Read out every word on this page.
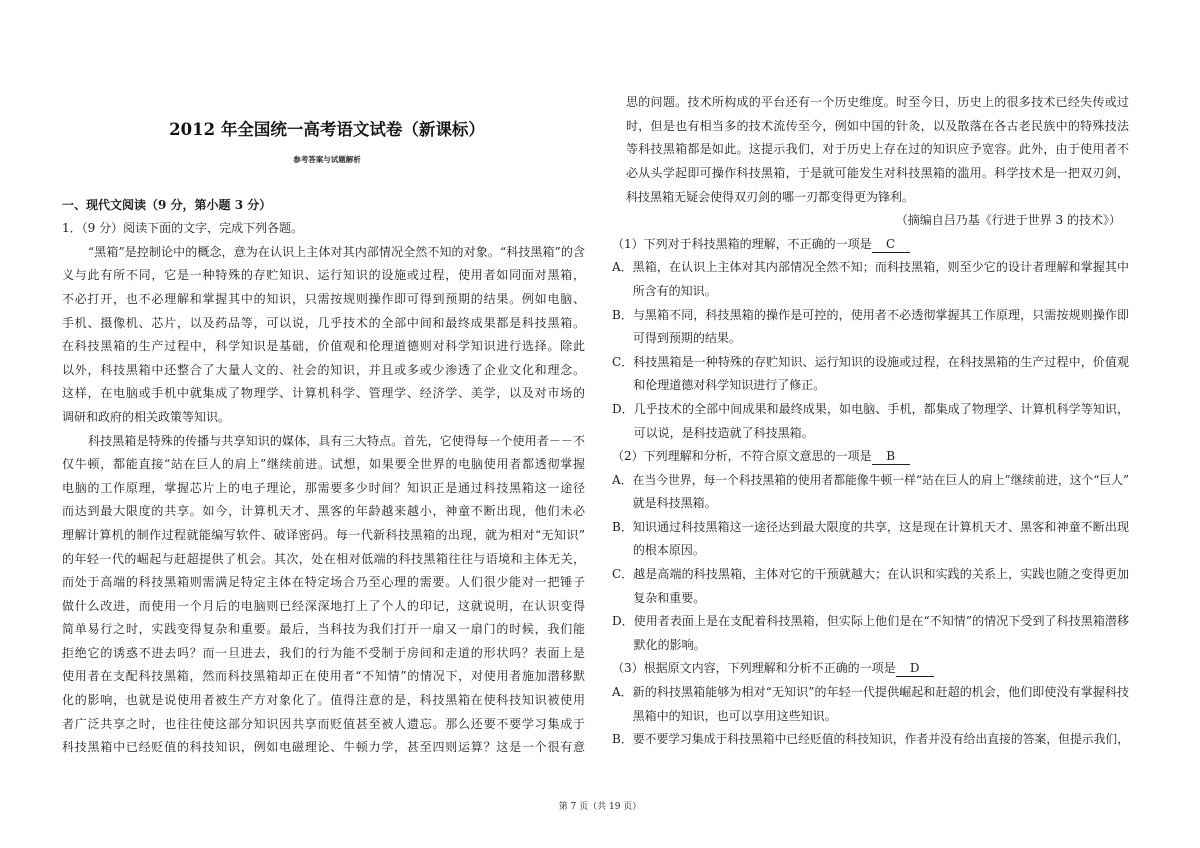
2012 年全国统一高考语文试卷（新课标）
参考答案与试题解析
一、现代文阅读（9 分，第小题 3 分）
1．（9 分）阅读下面的文字，完成下列各题。
“黑箱”是控制论中的概念，意为在认识上主体对其内部情况全然不知的对象。“科技黑箱”的含
义与此有所不同，它是一种特殊的存贮知识、运行知识的设施或过程，使用者如同面对黑箱，
不必打开，也不必理解和掌握其中的知识，只需按规则操作即可得到预期的结果。例如电脑、
手机、摄像机、芯片，以及药品等，可以说，几乎技术的全部中间和最终成果都是科技黑箱。
在科技黑箱的生产过程中，科学知识是基础，价值观和伦理道德则对科学知识进行选择。除此
以外，科技黑箱中还整合了大量人文的、社会的知识，并且或多或少渗透了企业文化和理念。
这样，在电脑或手机中就集成了物理学、计算机科学、管理学、经济学、美学，以及对市场的
调研和政府的相关政策等知识。
科技黑箱是特殊的传播与共享知识的媒体，具有三大特点。首先，它使得每一个使用者－－不
仅牛顿，都能直接“站在巨人的肩上”继续前进。试想，如果要全世界的电脑使用者都透彻掌握
电脑的工作原理，掌握芯片上的电子理论，那需要多少时间？知识正是通过科技黑箱这一途径
而达到最大限度的共享。如今，计算机天才、黑客的年龄越来越小，神童不断出现，他们未必
理解计算机的制作过程就能编写软件、破译密码。每一代新科技黑箱的出现，就为相对“无知识”
的年轻一代的崛起与赶超提供了机会。其次，处在相对低端的科技黑箱往往与语境和主体无关，
而处于高端的科技黑箱则需满足特定主体在特定场合乃至心理的需要。人们很少能对一把锤子
做什么改进，而使用一个月后的电脑则已经深深地打上了个人的印记，这就说明，在认识变得
简单易行之时，实践变得复杂和重要。最后，当科技为我们打开一扇又一扇门的时候，我们能
拒绝它的诱惑不进去吗？而一旦进去，我们的行为能不受制于房间和走道的形状吗？表面上是
使用者在支配科技黑箱，然而科技黑箱却正在使用者“不知情”的情况下，对使用者施加潜移默
化的影响，也就是说使用者被生产方对象化了。值得注意的是，科技黑箱在使科技知识被使用
者广泛共享之时，也往往使这部分知识因共享而贬值甚至被人遗忘。那么还要不要学习集成于
科技黑箱中已经贬值的科技知识，例如电磁理论、牛顿力学，甚至四则运算？这是一个很有意
思的问题。技术所构成的平台还有一个历史维度。时至今日，历史上的很多技术已经失传或过
时，但是也有相当多的技术流传至今，例如中国的针灸，以及散落在各古老民族中的特殊技法
等科技黑箱都是如此。这提示我们，对于历史上存在过的知识应予宽容。此外，由于使用者不
必从头学起即可操作科技黑箱，于是就可能发生对科技黑箱的滥用。科学技术是一把双刃剑，
科技黑箱无疑会使得双刃剑的哪一刃都变得更为锋利。
（摘编自吕乃基《行进于世界 3 的技术》）
（1）下列对于科技黑箱的理解，不正确的一项是 C
A． 黑箱，在认识上主体对其内部情况全然不知；而科技黑箱，则至少它的设计者理解和掌握其中
所含有的知识。
B． 与黑箱不同，科技黑箱的操作是可控的，使用者不必透彻掌握其工作原理，只需按规则操作即
可得到预期的结果。
C． 科技黑箱是一种特殊的存贮知识、运行知识的设施或过程，在科技黑箱的生产过程中，价值观
和伦理道德对科学知识进行了修正。
D． 几乎技术的全部中间成果和最终成果，如电脑、手机，都集成了物理学、计算机科学等知识，
可以说，是科技造就了科技黑箱。
（2）下列理解和分析，不符合原文意思的一项是 B
A． 在当今世界，每一个科技黑箱的使用者都能像牛顿一样“站在巨人的肩上”继续前进，这个“巨人”
就是科技黑箱。
B． 知识通过科技黑箱这一途径达到最大限度的共享，这是现在计算机天才、黑客和神童不断出现
的根本原因。
C． 越是高端的科技黑箱，主体对它的干预就越大；在认识和实践的关系上，实践也随之变得更加
复杂和重要。
D． 使用者表面上是在支配着科技黑箱，但实际上他们是在“不知情”的情况下受到了科技黑箱潜移
默化的影响。
（3）根据原文内容，下列理解和分析不正确的一项是 D
A． 新的科技黑箱能够为相对“无知识”的年轻一代提供崛起和赶超的机会，他们即使没有掌握科技
黑箱中的知识，也可以享用这些知识。
B． 要不要学习集成于科技黑箱中已经贬值的科技知识，作者并没有给出直接的答案，但提示我们，
第 7 页（共 19 页）
